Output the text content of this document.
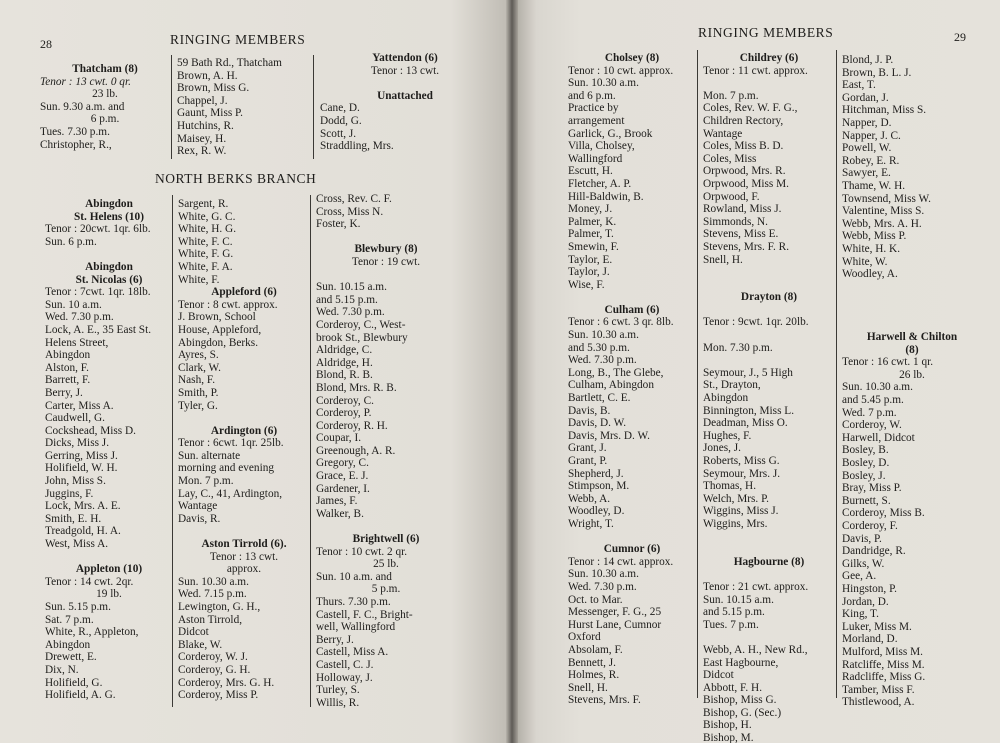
28	RINGING MEMBERS
Thatcham (8)
Tenor : 13 cwt. 0 qr.
23 lb.
Sun. 9.30 a.m. and
6 p.m.
Tues. 7.30 p.m.
Christopher, R.,
59 Bath Rd., Thatcham
Brown, A. H.
Brown, Miss G.
Chappel, J.
Gaunt, Miss P.
Hutchins, R.
Maisey, H.
Rex, R. W.
Yattendon (6)
Tenor : 13 cwt.

Unattached
Cane, D.
Dodd, G.
Scott, J.
Straddling, Mrs.
NORTH BERKS BRANCH
Abingdon
St. Helens (10)
Tenor : 20cwt. 1qr. 6lb.
Sun. 6 p.m.

Abingdon
St. Nicolas (6)
Tenor : 7cwt. 1qr. 18lb.
Sun. 10 a.m.
Wed. 7.30 p.m.
Lock, A. E., 35 East St.
Helens Street,
Abingdon
Alston, F.
Barrett, F.
Berry, J.
Carter, Miss A.
Caudwell, G.
Cockshead, Miss D.
Dicks, Miss J.
Gerring, Miss J.
Holifield, W. H.
John, Miss S.
Juggins, F.
Lock, Mrs. A. E.
Smith, E. H.
Treadgold, H. A.
West, Miss A.

Appleton (10)
Tenor : 14 cwt. 2qr.
19 lb.
Sun. 5.15 p.m.
Sat. 7 p.m.
White, R., Appleton,
Abingdon
Drewett, E.
Dix, N.
Holifield, G.
Holifield, A. G.
Sargent, R.
White, G. C.
White, H. G.
White, F. C.
White, F. G.
White, F. A.
White, F.
Appleford (6)
Tenor : 8 cwt. approx.
J. Brown, School
House, Appleford,
Abingdon, Berks.
Ayres, S.
Clark, W.
Nash, F.
Smith, P.
Tyler, G.

Ardington (6)
Tenor : 6cwt. 1qr. 25lb.
Sun. alternate
morning and evening
Mon. 7 p.m.
Lay, C., 41, Ardington,
Wantage
Davis, R.

Aston Tirrold (6).
Tenor : 13 cwt.
approx.
Sun. 10.30 a.m.
Wed. 7.15 p.m.
Lewington, G. H.,
Aston Tirrold,
Didcot
Blake, W.
Corderoy, W. J.
Corderoy, G. H.
Corderoy, Mrs. G. H.
Corderoy, Miss P.
Cross, Rev. C. F.
Cross, Miss N.
Foster, K.

Blewbury (8)
Tenor : 19 cwt.

Sun. 10.15 a.m.
and 5.15 p.m.
Wed. 7.30 p.m.
Corderoy, C., West-
brook St., Blewbury
Aldridge, C.
Aldridge, H.
Blond, R. B.
Blond, Mrs. R. B.
Corderoy, C.
Corderoy, P.
Corderoy, R. H.
Coupar, I.
Greenough, A. R.
Gregory, C.
Grace, E. J.
Gardener, I.
James, F.
Walker, B.

Brightwell (6)
Tenor : 10 cwt. 2 qr.
25 lb.
Sun. 10 a.m. and
5 p.m.
Thurs. 7.30 p.m.
Castell, F. C., Bright-
well, Wallingford
Berry, J.
Castell, Miss A.
Castell, C. J.
Holloway, J.
Turley, S.
Willis, R.
RINGING MEMBERS	29
Cholsey (8)
Tenor : 10 cwt. approx.
Sun. 10.30 a.m.
and 6 p.m.
Practice by
arrangement
Garlick, G., Brook
Villa, Cholsey,
Wallingford
Escutt, H.
Fletcher, A. P.
Hill-Baldwin, B.
Money, J.
Palmer, K.
Palmer, T.
Smewin, F.
Taylor, E.
Taylor, J.
Wise, F.

Culham (6)
Tenor : 6 cwt. 3 qr. 8lb.
Sun. 10.30 a.m.
and 5.30 p.m.
Wed. 7.30 p.m.
Long, B., The Glebe,
Culham, Abingdon
Bartlett, C. E.
Davis, B.
Davis, D. W.
Davis, Mrs. D. W.
Grant, J.
Grant, P.
Shepherd, J.
Stimpson, M.
Webb, A.
Woodley, D.
Wright, T.

Cumnor (6)
Tenor : 14 cwt. approx.
Sun. 10.30 a.m.
Wed. 7.30 p.m.
Oct. to Mar.
Messenger, F. G., 25
Hurst Lane, Cumnor
Oxford
Absolam, F.
Bennett, J.
Holmes, R.
Snell, H.
Stevens, Mrs. F.
Childrey (6)
Tenor : 11 cwt. approx.

Mon. 7 p.m.
Coles, Rev. W. F. G.,
Children Rectory,
Wantage
Coles, Miss B. D.
Coles, Miss
Orpwood, Mrs. R.
Orpwood, Miss M.
Orpwood, F.
Rowland, Miss J.
Simmonds, N.
Stevens, Miss E.
Stevens, Mrs. F. R.
Snell, H.

Drayton (8)

Tenor : 9cwt. 1qr. 20lb.

Mon. 7.30 p.m.

Seymour, J., 5 High
St., Drayton,
Abingdon
Binnington, Miss L.
Deadman, Miss O.
Hughes, F.
Jones, J.
Roberts, Miss G.
Seymour, Mrs. J.
Thomas, H.
Welch, Mrs. P.
Wiggins, Miss J.
Wiggins, Mrs.

Hagbourne (8)

Tenor : 21 cwt. approx.
Sun. 10.15 a.m.
and 5.15 p.m.
Tues. 7 p.m.

Webb, A. H., New Rd.,
East Hagbourne,
Didcot
Abbott, F. H.
Bishop, Miss G.
Bishop, G. (Sec.)
Bishop, H.
Bishop, M.
Blond, J. P.
Brown, B. L. J.
East, T.
Gordan, J.
Hitchman, Miss S.
Napper, D.
Napper, J. C.
Powell, W.
Robey, E. R.
Sawyer, E.
Thame, W. H.
Townsend, Miss W.
Valentine, Miss S.
Webb, Mrs. A. H.
Webb, Miss P.
White, H. K.
White, W.
Woodley, A.

Harwell & Chilton
(8)
Tenor : 16 cwt. 1 qr.
26 lb.
Sun. 10.30 a.m.
and 5.45 p.m.
Wed. 7 p.m.
Corderoy, W.
Harwell, Didcot
Bosley, B.
Bosley, D.
Bosley, J.
Bray, Miss P.
Burnett, S.
Corderoy, Miss B.
Corderoy, F.
Davis, P.
Dandridge, R.
Gilks, W.
Gee, A.
Hingston, P.
Jordan, D.
King, T.
Luker, Miss M.
Morland, D.
Mulford, Miss M.
Ratcliffe, Miss M.
Radcliffe, Miss G.
Tamber, Miss F.
Thistlewood, A.
